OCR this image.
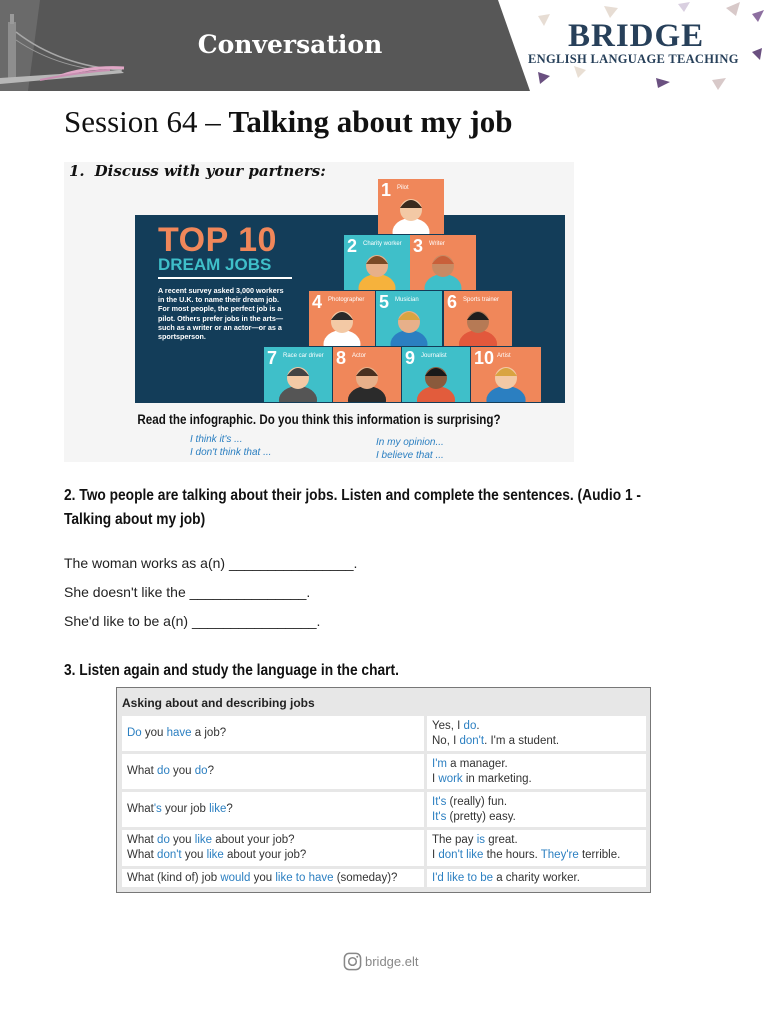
Conversation	BRIDGE
ENGLISH LANGUAGE TEACHING
Session 64 – Talking about my job
1. Discuss with your partners:
TOP 10
DREAM JOBS
A recent survey asked 3,000 workers in the U.K. to name their dream job. For most people, the perfect job is a pilot. Others prefer jobs in the arts—such as a writer or an actor—or as a sportsperson.
1 Pilot
2 Charity worker 3 Writer
4 Photographer 5 Musician 6 Sports trainer
7 Race car driver 8 Actor 9 Journalist 10 Artist
Read the infographic. Do you think this information is surprising?
I think it's ...
I don't think that ...
In my opinion...
I believe that ...
2. Two people are talking about their jobs. Listen and complete the sentences. (Audio 1 - Talking about my job)
The woman works as a(n) ________________.
She doesn't like the _______________.
She'd like to be a(n) ________________.
3. Listen again and study the language in the chart.
Asking about and describing jobs
Do you have a job?
Yes, I do.
No, I don't. I'm a student.
What do you do?
I'm a manager.
I work in marketing.
What's your job like?
It's (really) fun.
It's (pretty) easy.
What do you like about your job?
What don't you like about your job?
The pay is great.
I don't like the hours. They're terrible.
What (kind of) job would you like to have (someday)?	I'd like to be a charity worker.
bridge.elt
